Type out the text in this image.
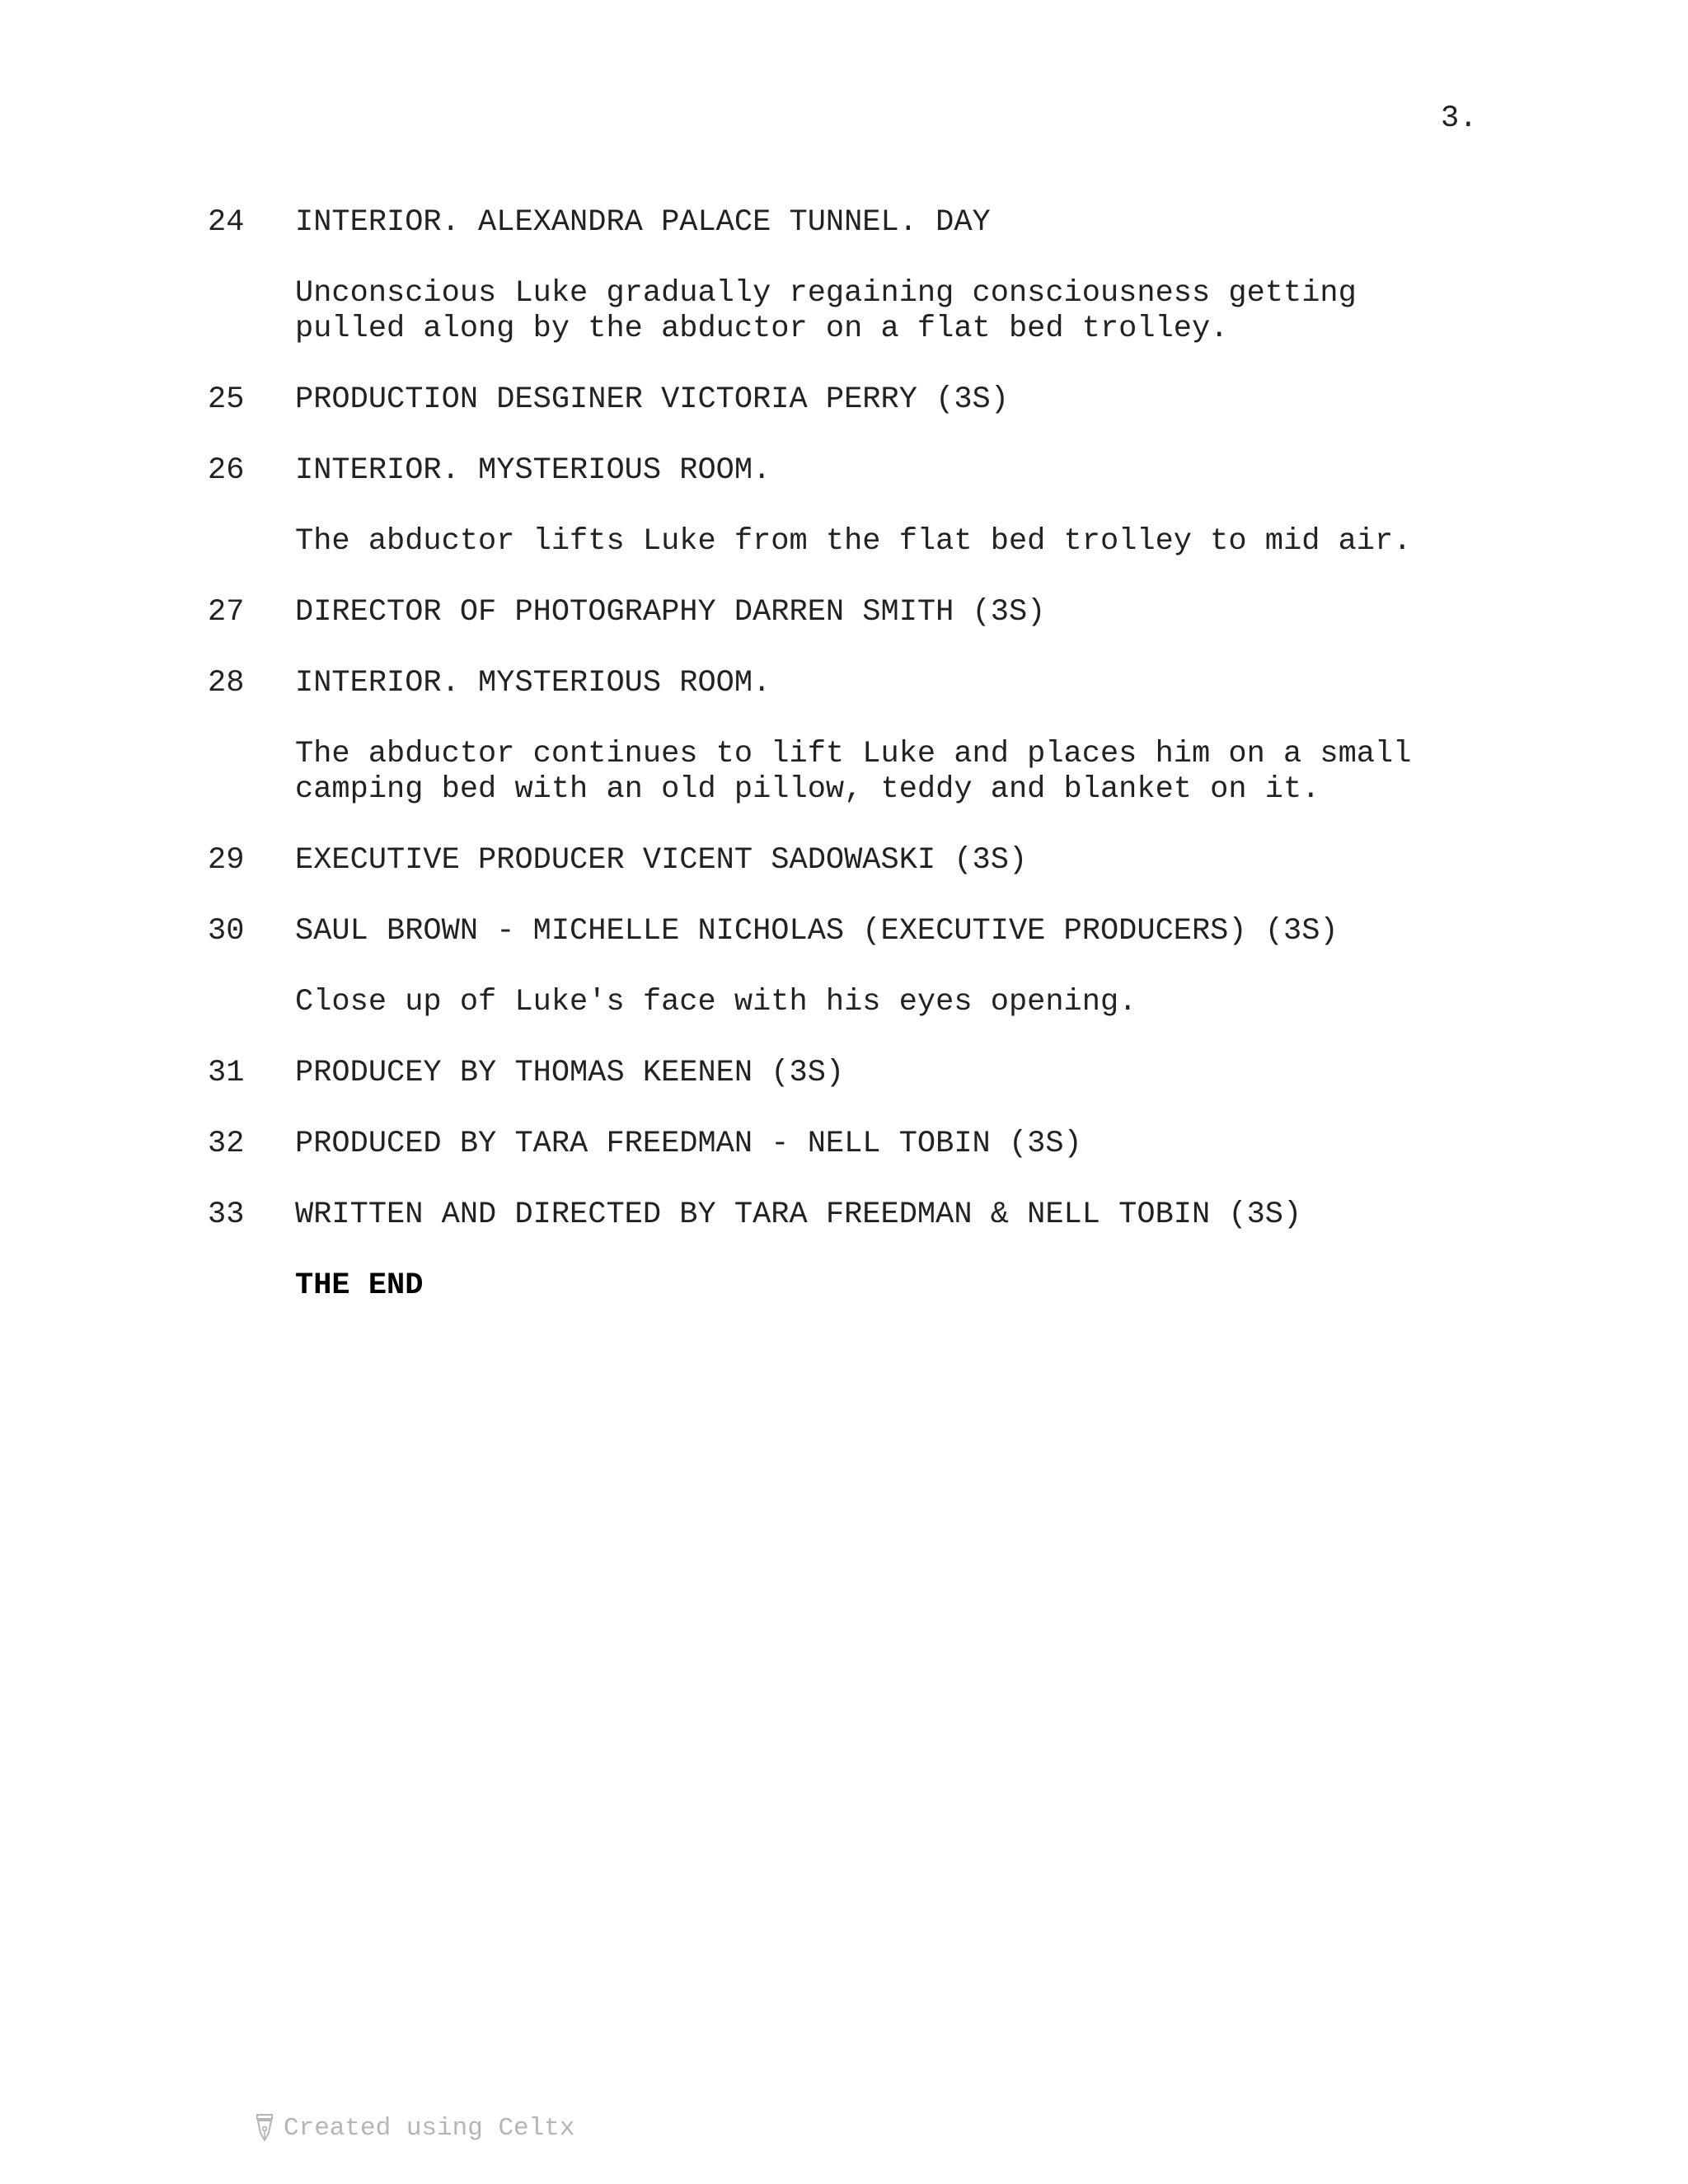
3.
24 INTERIOR. ALEXANDRA PALACE TUNNEL. DAY
Unconscious Luke gradually regaining consciousness getting
pulled along by the abductor on a flat bed trolley.
25 PRODUCTION DESGINER VICTORIA PERRY (3S)
26 INTERIOR. MYSTERIOUS ROOM.
The abductor lifts Luke from the flat bed trolley to mid air.
27 DIRECTOR OF PHOTOGRAPHY DARREN SMITH (3S)
28 INTERIOR. MYSTERIOUS ROOM.
The abductor continues to lift Luke and places him on a small
camping bed with an old pillow, teddy and blanket on it.
29 EXECUTIVE PRODUCER VICENT SADOWASKI (3S)
30 SAUL BROWN - MICHELLE NICHOLAS (EXECUTIVE PRODUCERS) (3S)
Close up of Luke's face with his eyes opening.
31 PRODUCEY BY THOMAS KEENEN (3S)
32 PRODUCED BY TARA FREEDMAN - NELL TOBIN (3S)
33 WRITTEN AND DIRECTED BY TARA FREEDMAN & NELL TOBIN (3S)
THE END
Created using Celtx
